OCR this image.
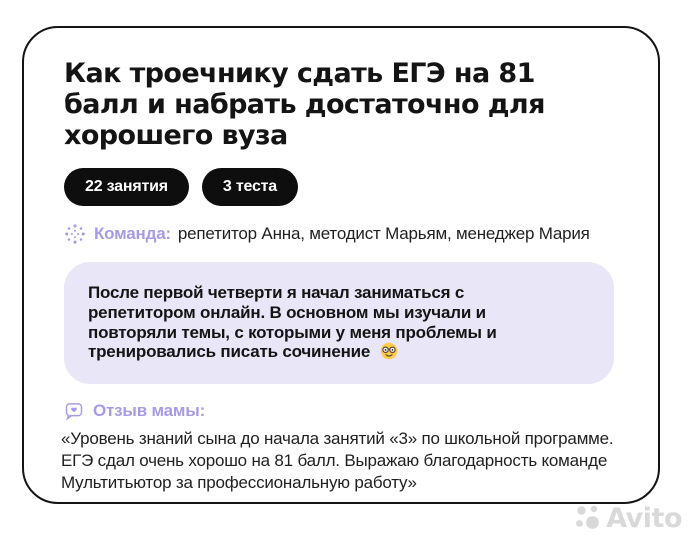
Как троечнику сдать ЕГЭ на 81
балл и набрать достаточно для
хорошего вуза
22 занятия	3 теста
Команда: репетитор Анна, методист Марьям, менеджер Мария
После первой четверти я начал заниматься с
репетитором онлайн. В основном мы изучали и
повторяли темы, с которыми у меня проблемы и
тренировались писать сочинение
Отзыв мамы:
«Уровень знаний сына до начала занятий «3» по школьной программе.
ЕГЭ сдал очень хорошо на 81 балл. Выражаю благодарность команде
Мультитьютор за профессиональную работу»
Avito
